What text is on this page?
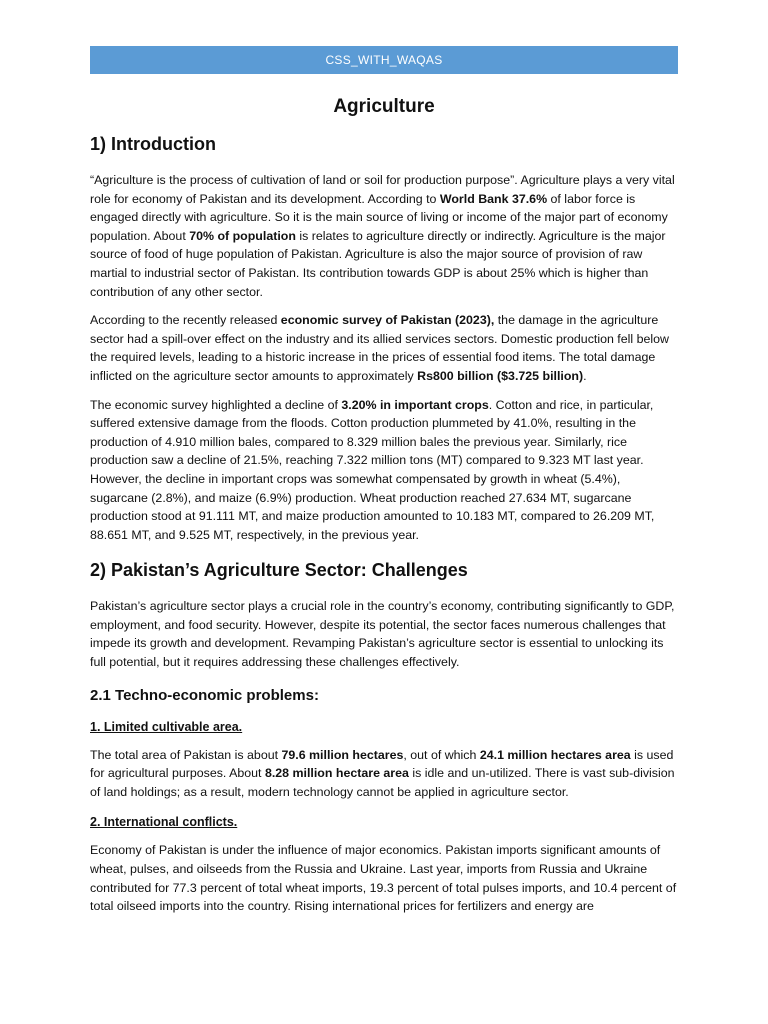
CSS_WITH_WAQAS
Agriculture
1) Introduction

“Agriculture is the process of cultivation of land or soil for production purpose”. Agriculture plays a very vital role for economy of Pakistan and its development. According to World Bank 37.6% of labor force is engaged directly with agriculture. So it is the main source of living or income of the major part of economy population. About 70% of population is relates to agriculture directly or indirectly. Agriculture is the major source of food of huge population of Pakistan. Agriculture is also the major source of provision of raw martial to industrial sector of Pakistan. Its contribution towards GDP is about 25% which is higher than contribution of any other sector.

According to the recently released economic survey of Pakistan (2023), the damage in the agriculture sector had a spill-over effect on the industry and its allied services sectors. Domestic production fell below the required levels, leading to a historic increase in the prices of essential food items. The total damage inflicted on the agriculture sector amounts to approximately Rs800 billion ($3.725 billion).

The economic survey highlighted a decline of 3.20% in important crops. Cotton and rice, in particular, suffered extensive damage from the floods. Cotton production plummeted by 41.0%, resulting in the production of 4.910 million bales, compared to 8.329 million bales the previous year. Similarly, rice production saw a decline of 21.5%, reaching 7.322 million tons (MT) compared to 9.323 MT last year. However, the decline in important crops was somewhat compensated by growth in wheat (5.4%), sugarcane (2.8%), and maize (6.9%) production. Wheat production reached 27.634 MT, sugarcane production stood at 91.111 MT, and maize production amounted to 10.183 MT, compared to 26.209 MT, 88.651 MT, and 9.525 MT, respectively, in the previous year.

2) Pakistan’s Agriculture Sector: Challenges

Pakistan’s agriculture sector plays a crucial role in the country’s economy, contributing significantly to GDP, employment, and food security. However, despite its potential, the sector faces numerous challenges that impede its growth and development. Revamping Pakistan’s agriculture sector is essential to unlocking its full potential, but it requires addressing these challenges effectively.

2.1 Techno-economic problems:
1. Limited cultivable area.

The total area of Pakistan is about 79.6 million hectares, out of which 24.1 million hectares area is used for agricultural purposes. About 8.28 million hectare area is idle and un-utilized. There is vast sub-division of land holdings; as a result, modern technology cannot be applied in agriculture sector.

2. International conflicts.

Economy of Pakistan is under the influence of major economics. Pakistan imports significant amounts of wheat, pulses, and oilseeds from the Russia and Ukraine. Last year, imports from Russia and Ukraine contributed for 77.3 percent of total wheat imports, 19.3 percent of total pulses imports, and 10.4 percent of total oilseed imports into the country. Rising international prices for fertilizers and energy are
